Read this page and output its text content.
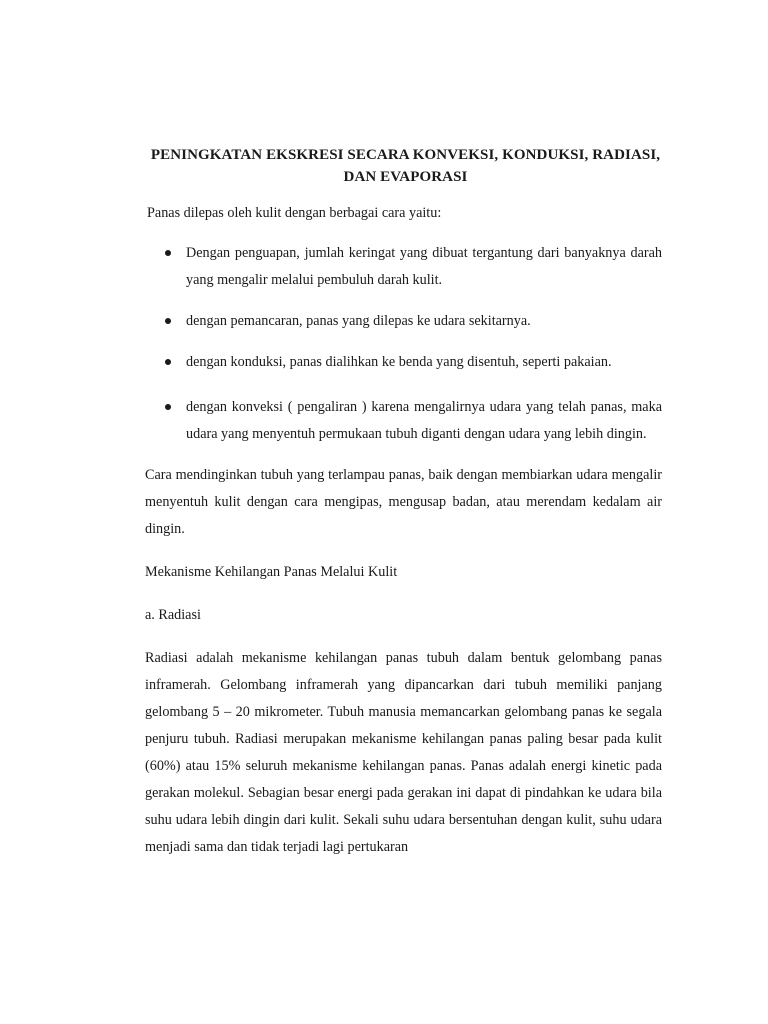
PENINGKATAN EKSKRESI SECARA KONVEKSI, KONDUKSI, RADIASI,
DAN EVAPORASI

Panas dilepas oleh kulit dengan berbagai cara yaitu:

Dengan penguapan, jumlah keringat yang dibuat tergantung dari banyaknya darah yang mengalir melalui pembuluh darah kulit.
dengan pemancaran, panas yang dilepas ke udara sekitarnya.
dengan konduksi, panas dialihkan ke benda yang disentuh, seperti pakaian.
dengan konveksi ( pengaliran ) karena mengalirnya udara yang telah panas, maka udara yang menyentuh permukaan tubuh diganti dengan udara yang lebih dingin.

Cara mendinginkan tubuh yang terlampau panas, baik dengan membiarkan udara mengalir menyentuh kulit dengan cara mengipas, mengusap badan, atau merendam kedalam air dingin.

Mekanisme Kehilangan Panas Melalui Kulit

a. Radiasi

Radiasi adalah mekanisme kehilangan panas tubuh dalam bentuk gelombang panas inframerah. Gelombang inframerah yang dipancarkan dari tubuh memiliki panjang gelombang 5 – 20 mikrometer. Tubuh manusia memancarkan gelombang panas ke segala penjuru tubuh. Radiasi merupakan mekanisme kehilangan panas paling besar pada kulit (60%) atau 15% seluruh mekanisme kehilangan panas. Panas adalah energi kinetic pada gerakan molekul. Sebagian besar energi pada gerakan ini dapat di pindahkan ke udara bila suhu udara lebih dingin dari kulit. Sekali suhu udara bersentuhan dengan kulit, suhu udara menjadi sama dan tidak terjadi lagi pertukaran
